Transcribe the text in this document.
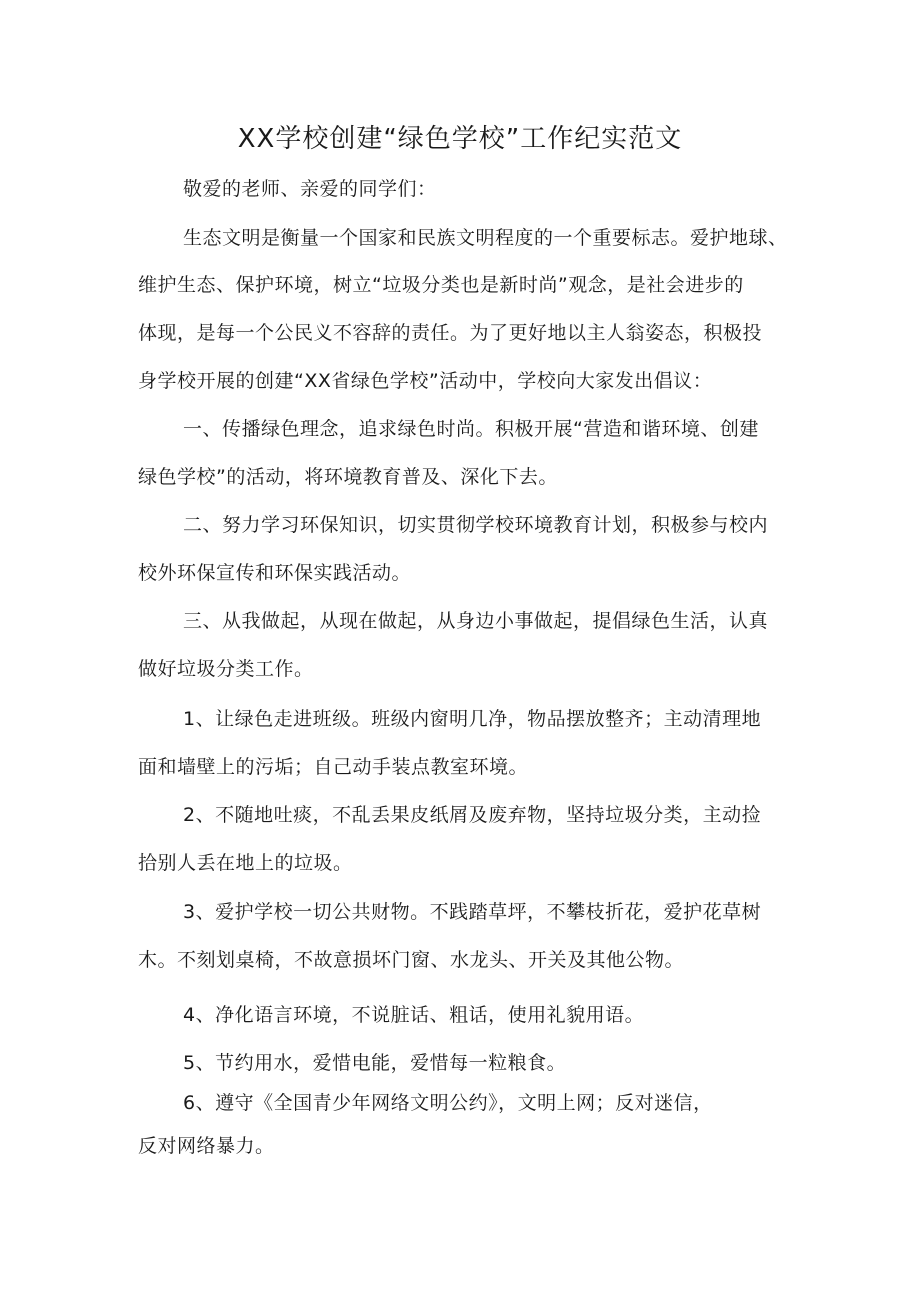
XX学校创建“绿色学校”工作纪实范文
敬爱的老师、亲爱的同学们：
生态文明是衡量一个国家和民族文明程度的一个重要标志。爱护地球、
维护生态、保护环境，树立“垃圾分类也是新时尚”观念，是社会进步的
体现，是每一个公民义不容辞的责任。为了更好地以主人翁姿态，积极投
身学校开展的创建“XX省绿色学校”活动中，学校向大家发出倡议：
一、传播绿色理念，追求绿色时尚。积极开展“营造和谐环境、创建
绿色学校”的活动，将环境教育普及、深化下去。
二、努力学习环保知识，切实贯彻学校环境教育计划，积极参与校内
校外环保宣传和环保实践活动。
三、从我做起，从现在做起，从身边小事做起，提倡绿色生活，认真
做好垃圾分类工作。
1、让绿色走进班级。班级内窗明几净，物品摆放整齐；主动清理地
面和墙壁上的污垢；自己动手装点教室环境。
2、不随地吐痰，不乱丢果皮纸屑及废弃物，坚持垃圾分类，主动捡
拾别人丢在地上的垃圾。
3、爱护学校一切公共财物。不践踏草坪，不攀枝折花，爱护花草树
木。不刻划桌椅，不故意损坏门窗、水龙头、开关及其他公物。
4、净化语言环境，不说脏话、粗话，使用礼貌用语。
5、节约用水，爱惜电能，爱惜每一粒粮食。
6、遵守《全国青少年网络文明公约》，文明上网；反对迷信，
反对网络暴力。
